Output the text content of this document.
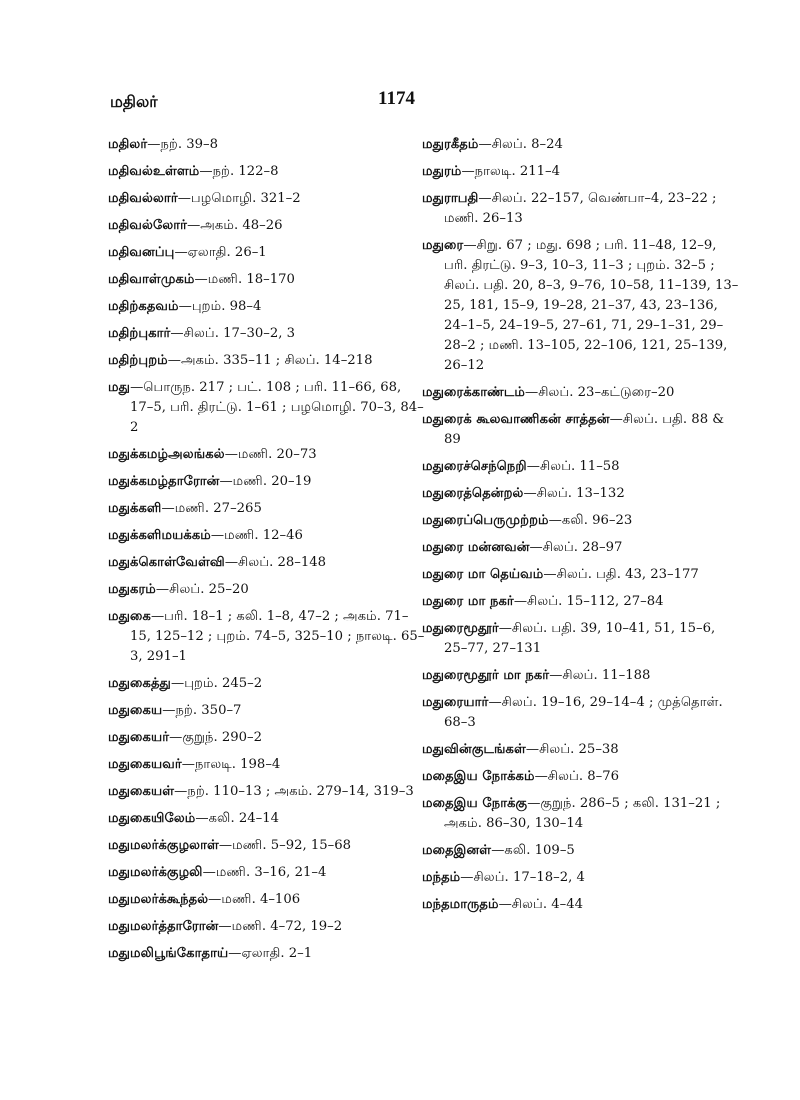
மதிலர்	1174
மதிலர்—நற். 39–8
மதிவல்உள்ளம்—நற். 122–8
மதிவல்லார்—பழமொழி. 321–2
மதிவல்லோர்—அகம். 48–26
மதிவனப்பு—ஏலாதி. 26–1
மதிவாள்முகம்—மணி. 18–170
மதிற்கதவம்—புறம். 98–4
மதிற்புகார்—சிலப். 17–30–2, 3
மதிற்புறம்—அகம். 335–11 ; சிலப். 14–218
மது—பொருந. 217 ; பட். 108 ; பரி. 11–66, 68, 17–5, பரி. திரட்டு. 1–61 ; பழமொழி. 70–3, 84–2
மதுக்கமழ்அலங்கல்—மணி. 20–73
மதுக்கமழ்தாரோன்—மணி. 20–19
மதுக்களி—மணி. 27–265
மதுக்களிமயக்கம்—மணி. 12–46
மதுக்கொள்வேள்வி—சிலப். 28–148
மதுகரம்—சிலப். 25–20
மதுகை—பரி. 18–1 ; கலி. 1–8, 47–2 ; அகம். 71–15, 125–12 ; புறம். 74–5, 325–10 ; நாலடி. 65–3, 291–1
மதுகைத்து—புறம். 245–2
மதுகைய—நற். 350–7
மதுகையர்—குறுந். 290–2
மதுகையவர்—நாலடி. 198–4
மதுகையள்—நற். 110–13 ; அகம். 279–14, 319–3
மதுகையிலேம்—கலி. 24–14
மதுமலர்க்குழலாள்—மணி. 5–92, 15–68
மதுமலர்க்குழலி—மணி. 3–16, 21–4
மதுமலர்க்கூந்தல்—மணி. 4–106
மதுமலர்த்தாரோன்—மணி. 4–72, 19–2
மதுமலிபூங்கோதாய்—ஏலாதி. 2–1
மதுரகீதம்—சிலப். 8–24
மதுரம்—நாலடி. 211–4
மதுராபதி—சிலப். 22–157, வெண்பா–4, 23–22 ; மணி. 26–13
மதுரை—சிறு. 67 ; மது. 698 ; பரி. 11–48, 12–9, பரி. திரட்டு. 9–3, 10–3, 11–3 ; புறம். 32–5 ; சிலப். பதி. 20, 8–3, 9–76, 10–58, 11–139, 13–25, 181, 15–9, 19–28, 21–37, 43, 23–136, 24–1–5, 24–19–5, 27–61, 71, 29–1–31, 29–28–2 ; மணி. 13–105, 22–106, 121, 25–139, 26–12
மதுரைக்காண்டம்—சிலப். 23–கட்டுரை–20
மதுரைக் கூலவாணிகன் சாத்தன்—சிலப். பதி. 88 & 89
மதுரைச்செந்நெறி—சிலப். 11–58
மதுரைத்தென்றல்—சிலப். 13–132
மதுரைப்பெருமுற்றம்—கலி. 96–23
மதுரை மன்னவன்—சிலப். 28–97
மதுரை மா தெய்வம்—சிலப். பதி. 43, 23–177
மதுரை மா நகர்—சிலப். 15–112, 27–84
மதுரைமூதூர்—சிலப். பதி. 39, 10–41, 51, 15–6, 25–77, 27–131
மதுரைமூதூர் மா நகர்—சிலப். 11–188
மதுரையார்—சிலப். 19–16, 29–14–4 ; முத்தொள். 68–3
மதுவின்குடங்கள்—சிலப். 25–38
மதைஇய நோக்கம்—சிலப். 8–76
மதைஇய நோக்கு—குறுந். 286–5 ; கலி. 131–21 ; அகம். 86–30, 130–14
மதைஇனள்—கலி. 109–5
மந்தம்—சிலப். 17–18–2, 4
மந்தமாருதம்—சிலப். 4–44
